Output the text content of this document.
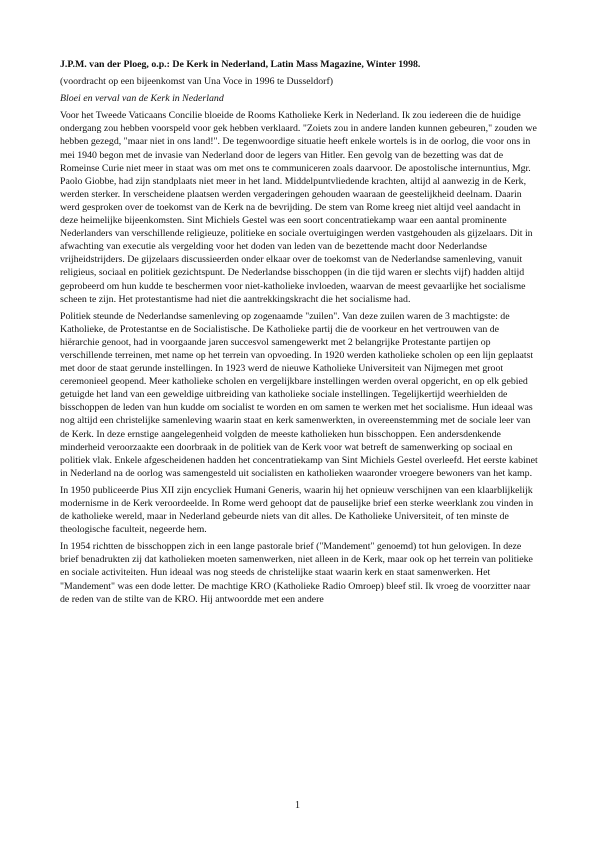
J.P.M. van der Ploeg, o.p.: De Kerk in Nederland, Latin Mass Magazine, Winter 1998.

(voordracht op een bijeenkomst van Una Voce in 1996 te Dusseldorf)

Bloei en verval van de Kerk in Nederland

Voor het Tweede Vaticaans Concilie bloeide de Rooms Katholieke Kerk in Nederland. Ik zou iedereen die de huidige ondergang zou hebben voorspeld voor gek hebben verklaard. "Zoiets zou in andere landen kunnen gebeuren," zouden we hebben gezegd, "maar niet in ons land!". De tegenwoordige situatie heeft enkele wortels is in de oorlog, die voor ons in mei 1940 begon met de invasie van Nederland door de legers van Hitler. Een gevolg van de bezetting was dat de Romeinse Curie niet meer in staat was om met ons te communiceren zoals daarvoor. De apostolische internuntius, Mgr. Paolo Giobbe, had zijn standplaats niet meer in het land. Middelpuntvliedende krachten, altijd al aanwezig in de Kerk, werden sterker. In verscheidene plaatsen werden vergaderingen gehouden waaraan de geestelijkheid deelnam. Daarin werd gesproken over de toekomst van de Kerk na de bevrijding. De stem van Rome kreeg niet altijd veel aandacht in deze heimelijke bijeenkomsten. Sint Michiels Gestel was een soort concentratiekamp waar een aantal prominente Nederlanders van verschillende religieuze, politieke en sociale overtuigingen werden vastgehouden als gijzelaars. Dit in afwachting van executie als vergelding voor het doden van leden van de bezettende macht door Nederlandse vrijheidstrijders. De gijzelaars discussieerden onder elkaar over de toekomst van de Nederlandse samenleving, vanuit religieus, sociaal en politiek gezichtspunt. De Nederlandse bisschoppen (in die tijd waren er slechts vijf) hadden altijd geprobeerd om hun kudde te beschermen voor niet-katholieke invloeden, waarvan de meest gevaarlijke het socialisme scheen te zijn. Het protestantisme had niet die aantrekkingskracht die het socialisme had.

Politiek steunde de Nederlandse samenleving op zogenaamde "zuilen". Van deze zuilen waren de 3 machtigste: de Katholieke, de Protestantse en de Socialistische. De Katholieke partij die de voorkeur en het vertrouwen van de hiërarchie genoot, had in voorgaande jaren succesvol samengewerkt met 2 belangrijke Protestante partijen op verschillende terreinen, met name op het terrein van opvoeding. In 1920 werden katholieke scholen op een lijn geplaatst met door de staat gerunde instellingen. In 1923 werd de nieuwe Katholieke Universiteit van Nijmegen met groot ceremonieel geopend. Meer katholieke scholen en vergelijkbare instellingen werden overal opgericht, en op elk gebied getuigde het land van een geweldige uitbreiding van katholieke sociale instellingen. Tegelijkertijd weerhielden de bisschoppen de leden van hun kudde om socialist te worden en om samen te werken met het socialisme. Hun ideaal was nog altijd een christelijke samenleving waarin staat en kerk samenwerkten, in overeenstemming met de sociale leer van de Kerk. In deze ernstige aangelegenheid volgden de meeste katholieken hun bisschoppen. Een andersdenkende minderheid veroorzaakte een doorbraak in de politiek van de Kerk voor wat betreft de samenwerking op sociaal en politiek vlak. Enkele afgescheidenen hadden het concentratiekamp van Sint Michiels Gestel overleefd. Het eerste kabinet in Nederland na de oorlog was samengesteld uit socialisten en katholieken waaronder vroegere bewoners van het kamp.

In 1950 publiceerde Pius XII zijn encycliek Humani Generis, waarin hij het opnieuw verschijnen van een klaarblijkelijk modernisme in de Kerk veroordeelde. In Rome werd gehoopt dat de pauselijke brief een sterke weerklank zou vinden in de katholieke wereld, maar in Nederland gebeurde niets van dit alles. De Katholieke Universiteit, of ten minste de theologische faculteit, negeerde hem.

In 1954 richtten de bisschoppen zich in een lange pastorale brief ("Mandement" genoemd) tot hun gelovigen. In deze brief benadrukten zij dat katholieken moeten samenwerken, niet alleen in de Kerk, maar ook op het terrein van politieke en sociale activiteiten. Hun ideaal was nog steeds de christelijke staat waarin kerk en staat samenwerken. Het "Mandement" was een dode letter. De machtige KRO (Katholieke Radio Omroep) bleef stil. Ik vroeg de voorzitter naar de reden van de stilte van de KRO. Hij antwoordde met een andere

1
